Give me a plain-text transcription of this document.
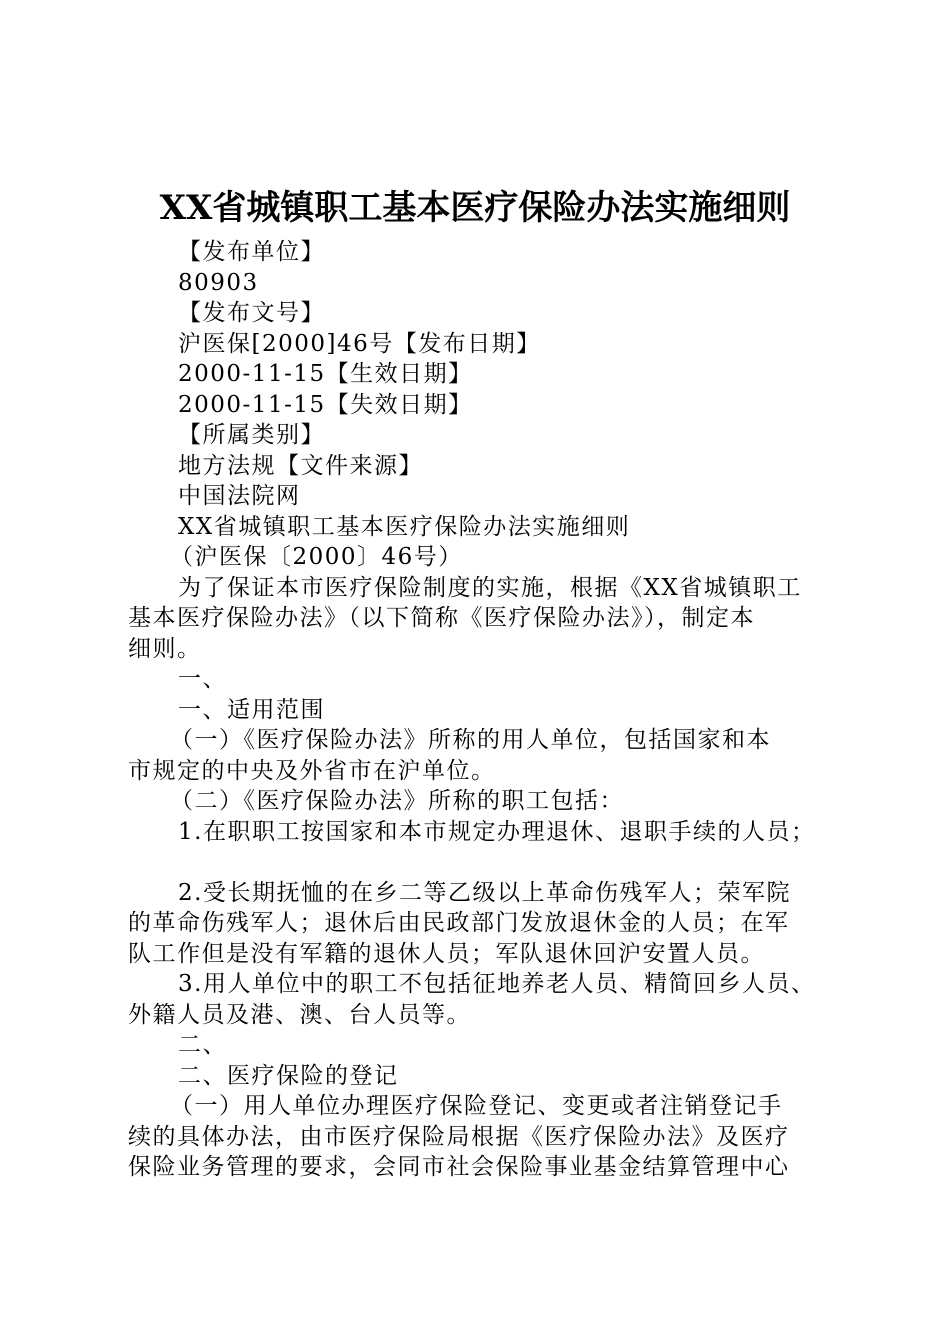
XX省城镇职工基本医疗保险办法实施细则
【发布单位】
80903
【发布文号】
沪医保[2000]46号【发布日期】
2000-11-15【生效日期】
2000-11-15【失效日期】
【所属类别】
地方法规【文件来源】
中国法院网
XX省城镇职工基本医疗保险办法实施细则
（沪医保〔2000〕46号）
为了保证本市医疗保险制度的实施，根据《XX省城镇职工
基本医疗保险办法》（以下简称《医疗保险办法》），制定本
细则。
一、
一、适用范围
（一）《医疗保险办法》所称的用人单位，包括国家和本
市规定的中央及外省市在沪单位。
（二）《医疗保险办法》所称的职工包括：
1.在职职工按国家和本市规定办理退休、退职手续的人员；
2.受长期抚恤的在乡二等乙级以上革命伤残军人；荣军院
的革命伤残军人；退休后由民政部门发放退休金的人员；在军
队工作但是没有军籍的退休人员；军队退休回沪安置人员。
3.用人单位中的职工不包括征地养老人员、精简回乡人员、
外籍人员及港、澳、台人员等。
二、
二、医疗保险的登记
（一）用人单位办理医疗保险登记、变更或者注销登记手
续的具体办法，由市医疗保险局根据《医疗保险办法》及医疗
保险业务管理的要求，会同市社会保险事业基金结算管理中心
